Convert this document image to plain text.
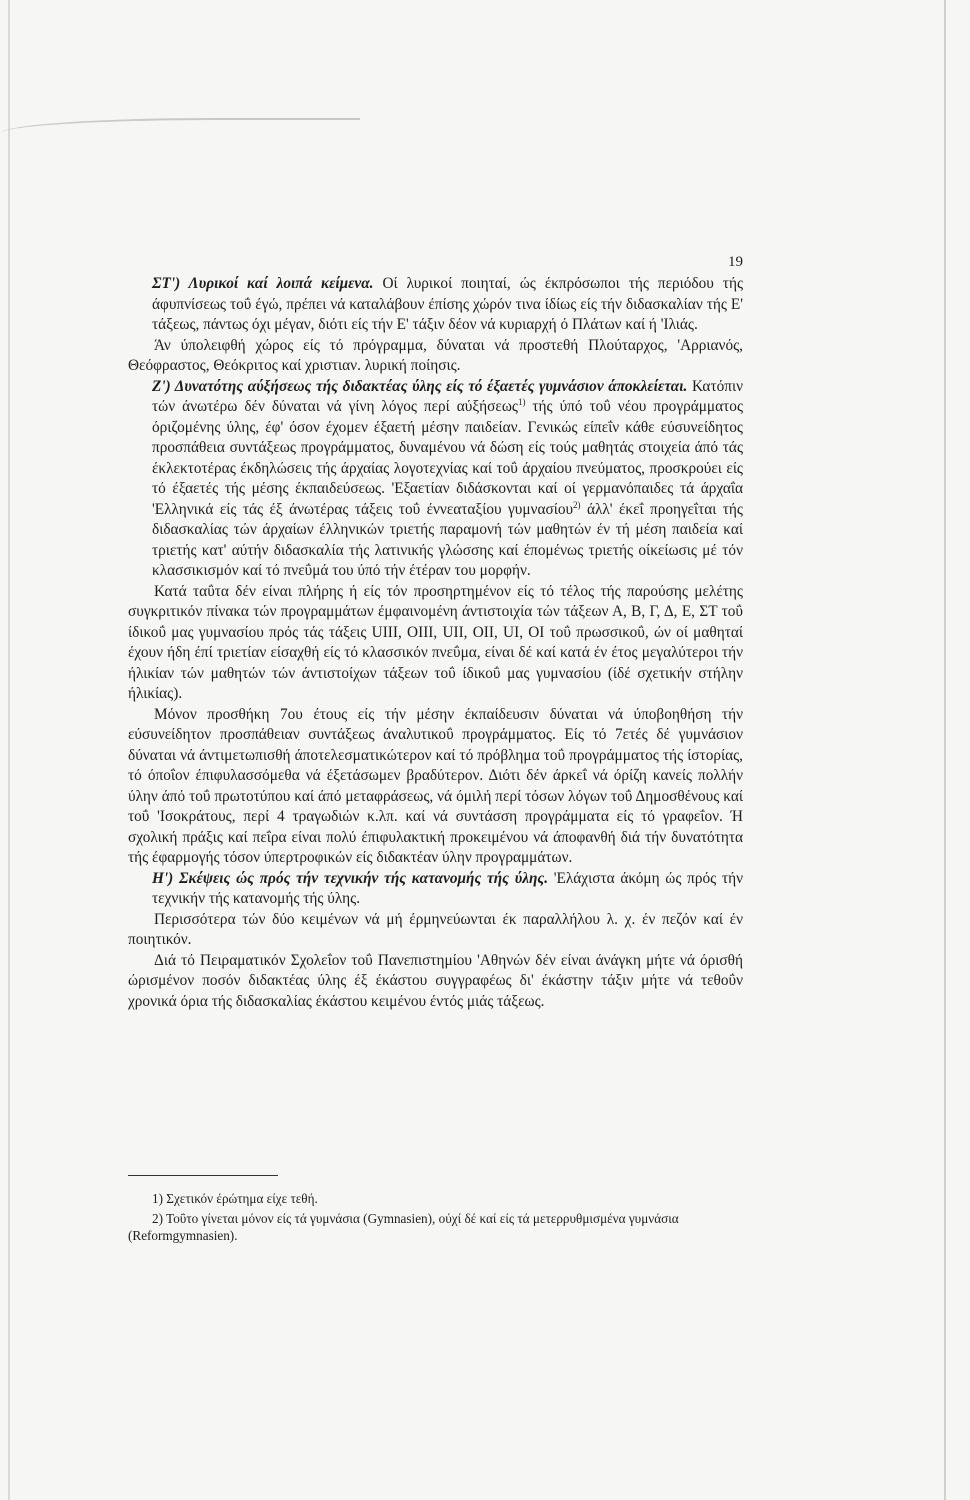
19

ΣΤ') Λυρικοί καί λοιπά κείμενα. Οί λυρικοί ποιηταί, ώς έκπρόσωποι τής περιόδου τής άφυπνίσεως τοΰ έγώ, πρέπει νά καταλάβουν έπίσης χώρόν τινα ίδίως είς τήν διδασκαλίαν τής Ε' τάξεως, πάντως όχι μέγαν, διότι είς τήν Ε' τάξιν δέον νά κυριαρχή ό Πλάτων καί ή 'Ιλιάς.

Άν ύπολειφθή χώρος είς τό πρόγραμμα, δύναται νά προστεθή Πλούταρχος, 'Αρριανός, Θεόφραστος, Θεόκριτος καί χριστιαν. λυρική ποίησις.

Ζ') Δυνατότης αύξήσεως τής διδακτέας ύλης είς τό έξαετές γυμνάσιον άποκλείεται. Κατόπιν τών άνωτέρω δέν δύναται νά γίνη λόγος περί αύξήσεως$^{1)}$ τής ύπό τοΰ νέου προγράμματος όριζομένης ύλης, έφ' όσον έχομεν έξαετή μέσην παιδείαν. Γενικώς είπεΐν κάθε εύσυνείδητος προσπάθεια συντάξεως προγράμματος, δυναμένου νά δώση είς τούς μαθητάς στοιχεία άπό τάς έκλεκτοτέρας έκδηλώσεις τής άρχαίας λογοτεχνίας καί τοΰ άρχαίου πνεύματος, προσκρούει είς τό έξαετές τής μέσης έκπαιδεύσεως. 'Εξαετίαν διδάσκονται καί οί γερμανόπαιδες τά άρχαΐα 'Ελληνικά είς τάς έξ άνωτέρας τάξεις τοΰ έννεαταξίου γυμνασίου$^{2)}$ άλλ' έκεΐ προηγεΐται τής διδασκαλίας τών άρχαίων έλληνικών τριετής παραμονή τών μαθητών έν τή μέση παιδεία καί τριετής κατ' αύτήν διδασκαλία τής λατινικής γλώσσης καί έπομένως τριετής οίκείωσις μέ τόν κλασσικισμόν καί τό πνεΰμά του ύπό τήν έτέραν του μορφήν.

Κατά ταΰτα δέν είναι πλήρης ή είς τόν προσηρτημένον είς τό τέλος τής παρούσης μελέτης συγκριτικόν πίνακα τών προγραμμάτων έμφαινομένη άντιστοιχία τών τάξεων Α, Β, Γ, Δ, Ε, ΣΤ τοΰ ίδικοΰ μας γυμνασίου πρός τάς τάξεις UIII, OIII, UII, OII, UI, OI τοΰ πρωσσικοΰ, ών οί μαθηταί έχουν ήδη έπί τριετίαν είσαχθή είς τό κλασσικόν πνεΰμα, είναι δέ καί κατά έν έτος μεγαλύτεροι τήν ήλικίαν τών μαθητών τών άντιστοίχων τάξεων τοΰ ίδικοΰ μας γυμνασίου (ίδέ σχετικήν στήλην ήλικίας).

Μόνον προσθήκη 7ου έτους είς τήν μέσην έκπαίδευσιν δύναται νά ύποβοηθήση τήν εύσυνείδητον προσπάθειαν συντάξεως άναλυτικοΰ προγράμματος. Είς τό 7ετές δέ γυμνάσιον δύναται νά άντιμετωπισθή άποτελεσματικώτερον καί τό πρόβλημα τοΰ προγράμματος τής ίστορίας, τό όποΐον έπιφυλασσόμεθα νά έξετάσωμεν βραδύτερον. Διότι δέν άρκεΐ νά όρίζη κανείς πολλήν ύλην άπό τοΰ πρωτοτύπου καί άπό μεταφράσεως, νά όμιλή περί τόσων λόγων τοΰ Δημοσθένους καί τοΰ 'Ισοκράτους, περί 4 τραγωδιών κ.λπ. καί νά συντάσση προγράμματα είς τό γραφεΐον. Ή σχολική πράξις καί πεΐρα είναι πολύ έπιφυλακτική προκειμένου νά άποφανθή διά τήν δυνατότητα τής έφαρμογής τόσον ύπερτροφικών είς διδακτέαν ύλην προγραμμάτων.

Η') Σκέψεις ώς πρός τήν τεχνικήν τής κατανομής τής ύλης. 'Ελάχιστα άκόμη ώς πρός τήν τεχνικήν τής κατανομής τής ύλης.

Περισσότερα τών δύο κειμένων νά μή έρμηνεύωνται έκ παραλλήλου λ. χ. έν πεζόν καί έν ποιητικόν.

Διά τό Πειραματικόν Σχολεΐον τοΰ Πανεπιστημίου 'Αθηνών δέν είναι άνάγκη μήτε νά όρισθή ώρισμένον ποσόν διδακτέας ύλης έξ έκάστου συγγραφέως δι' έκάστην τάξιν μήτε νά τεθοΰν χρονικά όρια τής διδασκαλίας έκάστου κειμένου έντός μιάς τάξεως.

1) Σχετικόν έρώτημα είχε τεθή.

2) Τοΰτο γίνεται μόνον είς τά γυμνάσια (Gymnasien), ούχί δέ καί είς τά μετερρυθμισμένα γυμνάσια (Reformgymnasien).
